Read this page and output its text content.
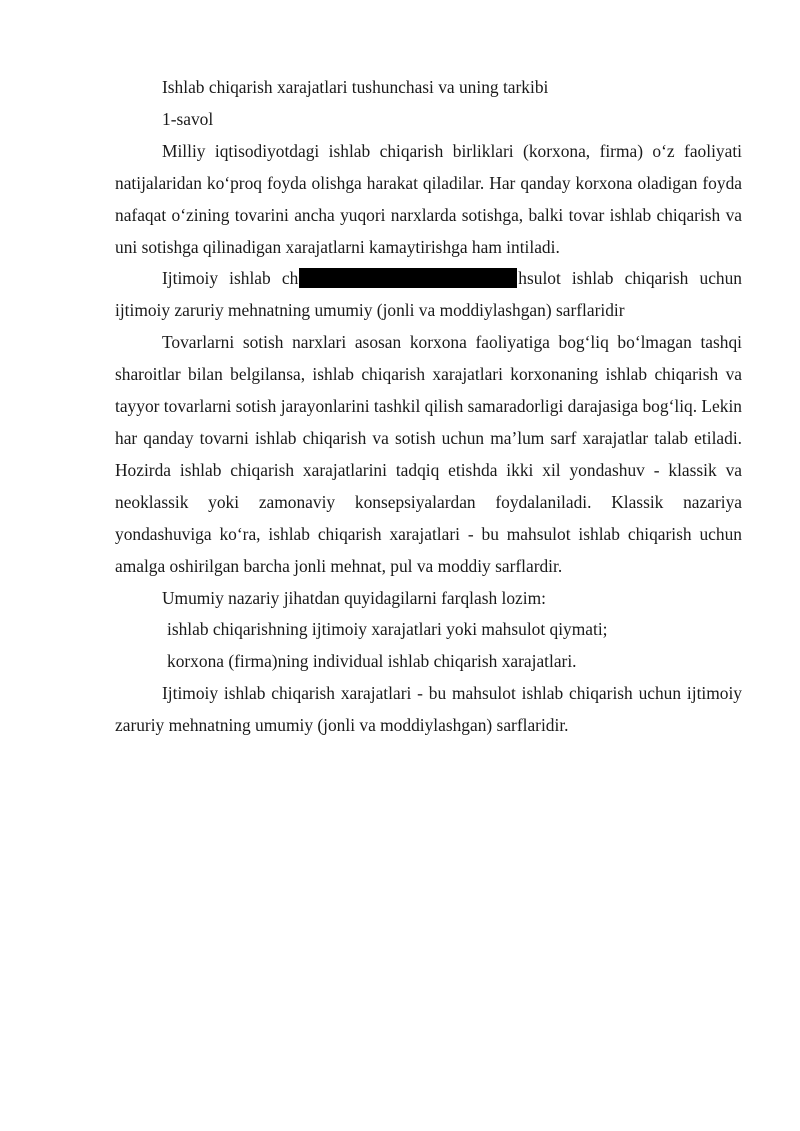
Ishlab chiqarish xarajatlari tushunchasi va uning tarkibi

1-savol

Milliy iqtisodiyotdagi ishlab chiqarish birliklari (korxona, firma) o‘z faoliyati natijalaridan ko‘proq foyda olishga harakat qiladilar. Har qanday korxona oladigan foyda nafaqat o‘zining tovarini ancha yuqori narxlarda sotishga, balki tovar ishlab chiqarish va uni sotishga qilinadigan xarajatlarni kamaytirishga ham intiladi.

Ijtimoiy ishlab ch	hsulot ishlab chiqarish uchun ijtimoiy zaruriy mehnatning umumiy (jonli va moddiylashgan) sarflaridir

Tovarlarni sotish narxlari asosan korxona faoliyatiga bog‘liq bo‘lmagan tashqi sharoitlar bilan belgilansa, ishlab chiqarish xarajatlari korxonaning ishlab chiqarish va tayyor tovarlarni sotish jarayonlarini tashkil qilish samaradorligi darajasiga bog‘liq. Lekin har qanday tovarni ishlab chiqarish va sotish uchun ma’lum sarf xarajatlar talab etiladi. Hozirda ishlab chiqarish xarajatlarini tadqiq etishda ikki xil yondashuv - klassik va neoklassik yoki zamonaviy konsepsiyalardan foydalaniladi. Klassik nazariya yondashuviga ko‘ra, ishlab chiqarish xarajatlari - bu mahsulot ishlab chiqarish uchun amalga oshirilgan barcha jonli mehnat, pul va moddiy sarflardir.

Umumiy nazariy jihatdan quyidagilarni farqlash lozim:

ishlab chiqarishning ijtimoiy xarajatlari yoki mahsulot qiymati;

korxona (firma)ning individual ishlab chiqarish xarajatlari.

Ijtimoiy ishlab chiqarish xarajatlari - bu mahsulot ishlab chiqarish uchun ijtimoiy zaruriy mehnatning umumiy (jonli va moddiylashgan) sarflaridir.
